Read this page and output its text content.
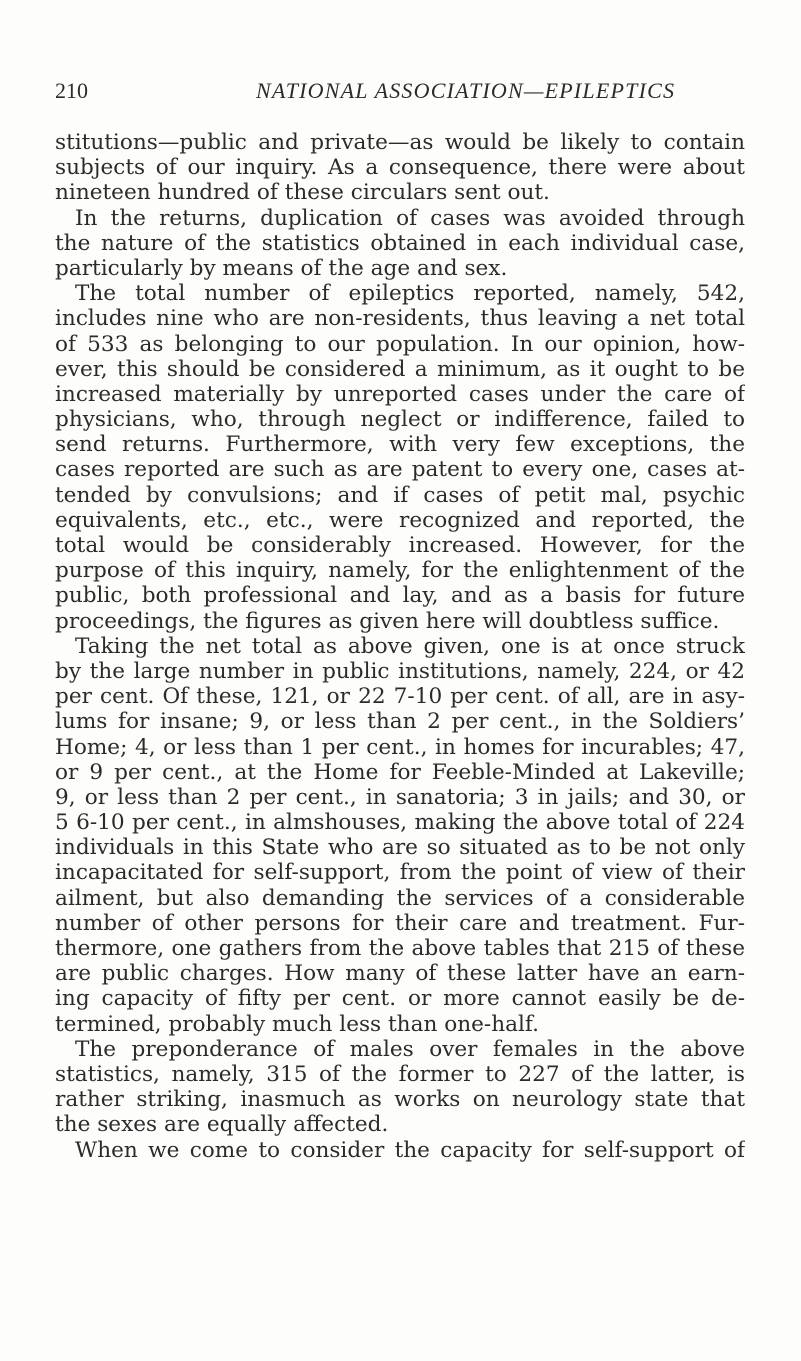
210	NATIONAL ASSOCIATION—EPILEPTICS
stitutions—public and private—as would be likely to contain
subjects of our inquiry. As a consequence, there were about
nineteen hundred of these circulars sent out.
In the returns, duplication of cases was avoided through
the nature of the statistics obtained in each individual case,
particularly by means of the age and sex.
The total number of epileptics reported, namely, 542,
includes nine who are non-residents, thus leaving a net total
of 533 as belonging to our population. In our opinion, how-
ever, this should be considered a minimum, as it ought to be
increased materially by unreported cases under the care of
physicians, who, through neglect or indifference, failed to
send returns. Furthermore, with very few exceptions, the
cases reported are such as are patent to every one, cases at-
tended by convulsions; and if cases of petit mal, psychic
equivalents, etc., etc., were recognized and reported, the
total would be considerably increased. However, for the
purpose of this inquiry, namely, for the enlightenment of the
public, both professional and lay, and as a basis for future
proceedings, the figures as given here will doubtless suffice.
Taking the net total as above given, one is at once struck
by the large number in public institutions, namely, 224, or 42
per cent. Of these, 121, or 22 7-10 per cent. of all, are in asy-
lums for insane; 9, or less than 2 per cent., in the Soldiers’
Home; 4, or less than 1 per cent., in homes for incurables; 47,
or 9 per cent., at the Home for Feeble-Minded at Lakeville;
9, or less than 2 per cent., in sanatoria; 3 in jails; and 30, or
5 6-10 per cent., in almshouses, making the above total of 224
individuals in this State who are so situated as to be not only
incapacitated for self-support, from the point of view of their
ailment, but also demanding the services of a considerable
number of other persons for their care and treatment. Fur-
thermore, one gathers from the above tables that 215 of these
are public charges. How many of these latter have an earn-
ing capacity of fifty per cent. or more cannot easily be de-
termined, probably much less than one-half.
The preponderance of males over females in the above
statistics, namely, 315 of the former to 227 of the latter, is
rather striking, inasmuch as works on neurology state that
the sexes are equally affected.
When we come to consider the capacity for self-support of
